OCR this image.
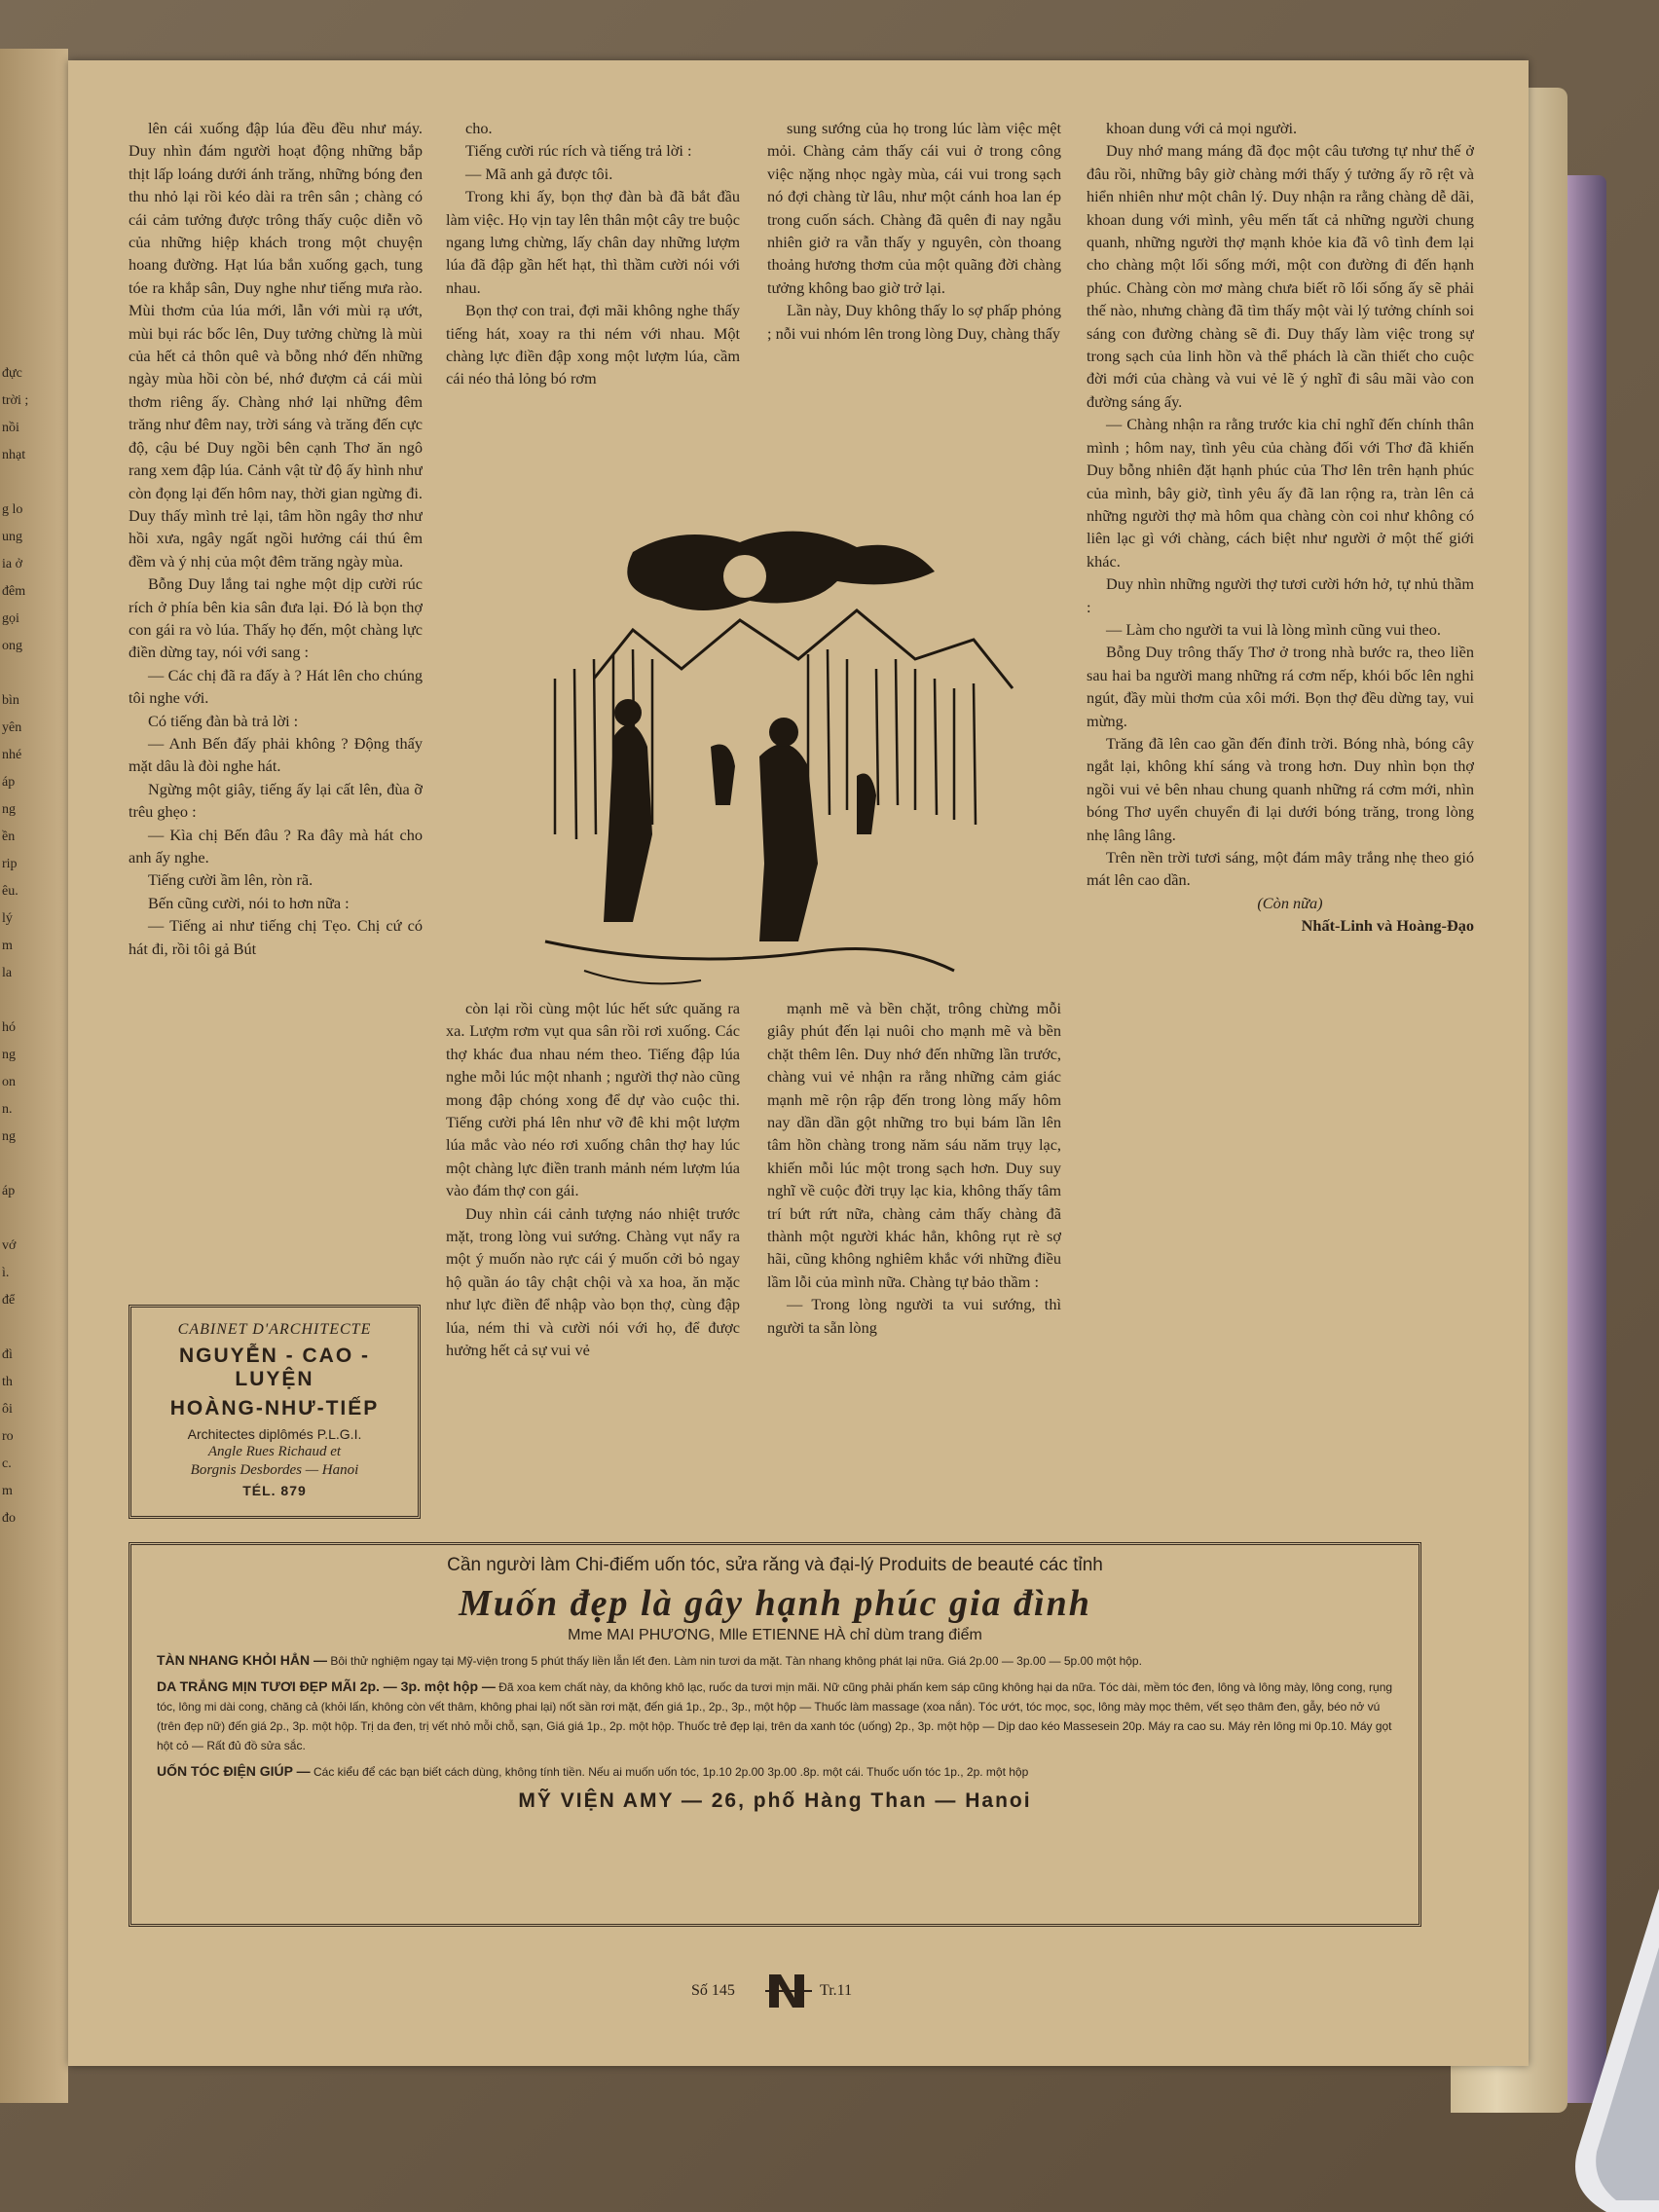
đực
trời ;
nồi
nhạt

g lo
ung
ia ở
đêm
gọi
ong

bìn
yên
nhé
áp
ng
ền
rip
êu.
lý
m
la

hó
ng
on
n.
ng

áp

vớ
ì.
để

đì
th
ôi
ro
c.
m
đo

lên cái xuống đập lúa đều đều như máy. Duy nhìn đám người hoạt động những bắp thịt lấp loáng dưới ánh trăng, những bóng đen thu nhỏ lại rồi kéo dài ra trên sân ; chàng có cái cảm tưởng được trông thấy cuộc diễn võ của những hiệp khách trong một chuyện hoang đường. Hạt lúa bắn xuống gạch, tung tóe ra khắp sân, Duy nghe như tiếng mưa rào. Mùi thơm của lúa mới, lẫn với mùi rạ ướt, mùi bụi rác bốc lên, Duy tưởng chừng là mùi của hết cả thôn quê và bỗng nhớ đến những ngày mùa hồi còn bé, nhớ đượm cả cái mùi thơm riêng ấy. Chàng nhớ lại những đêm trăng như đêm nay, trời sáng và trăng đến cực độ, cậu bé Duy ngồi bên cạnh Thơ ăn ngô rang xem đập lúa. Cảnh vật từ độ ấy hình như còn đọng lại đến hôm nay, thời gian ngừng đi. Duy thấy mình trẻ lại, tâm hồn ngây thơ như hồi xưa, ngây ngất ngồi hưởng cái thú êm đềm và ý nhị của một đêm trăng ngày mùa.

Bỗng Duy lắng tai nghe một dịp cười rúc rích ở phía bên kia sân đưa lại. Đó là bọn thợ con gái ra vò lúa. Thấy họ đến, một chàng lực điền dừng tay, nói với sang :

— Các chị đã ra đấy à ? Hát lên cho chúng tôi nghe với.

Có tiếng đàn bà trả lời :

— Anh Bến đấy phải không ? Động thấy mặt dâu là đòi nghe hát.

Ngừng một giây, tiếng ấy lại cất lên, đùa ỡ trêu ghẹo :

— Kìa chị Bến đâu ? Ra đây mà hát cho anh ấy nghe.

Tiếng cười ầm lên, ròn rã.

Bến cũng cười, nói to hơn nữa :

— Tiếng ai như tiếng chị Tẹo. Chị cứ có hát đi, rồi tôi gả Bút

cho.

Tiếng cười rúc rích và tiếng trả lời :

— Mã anh gả được tôi.

Trong khi ấy, bọn thợ đàn bà đã bắt đầu làm việc. Họ vịn tay lên thân một cây tre buộc ngang lưng chừng, lấy chân day những lượm lúa đã đập gần hết hạt, thì thầm cười nói với nhau.

Bọn thợ con trai, đợi mãi không nghe thấy tiếng hát, xoay ra thi ném với nhau. Một chàng lực điền đập xong một lượm lúa, cầm cái néo thả lỏng bó rơm

sung sướng của họ trong lúc làm việc mệt mỏi. Chàng cảm thấy cái vui ở trong công việc nặng nhọc ngày mùa, cái vui trong sạch nó đợi chàng từ lâu, như một cánh hoa lan ép trong cuốn sách. Chàng đã quên đi nay ngẫu nhiên giở ra vẫn thấy y nguyên, còn thoang thoảng hương thơm của một quãng đời chàng tưởng không bao giờ trở lại.

Lần này, Duy không thấy lo sợ phấp phỏng ; nỗi vui nhóm lên trong lòng Duy, chàng thấy

còn lại rồi cùng một lúc hết sức quăng ra xa. Lượm rơm vụt qua sân rồi rơi xuống. Các thợ khác đua nhau ném theo. Tiếng đập lúa nghe mỗi lúc một nhanh ; người thợ nào cũng mong đập chóng xong để dự vào cuộc thi. Tiếng cười phá lên như vỡ đê khi một lượm lúa mắc vào néo rơi xuống chân thợ hay lúc một chàng lực điền tranh mảnh ném lượm lúa vào đám thợ con gái.

Duy nhìn cái cảnh tượng náo nhiệt trước mặt, trong lòng vui sướng. Chàng vụt nẩy ra một ý muốn nào rực cái ý muốn cởi bỏ ngay hộ quần áo tây chật chội và xa hoa, ăn mặc như lực điền để nhập vào bọn thợ, cùng đập lúa, ném thi và cười nói với họ, để được hưởng hết cả sự vui vẻ

mạnh mẽ và bền chặt, trông chừng mỗi giây phút đến lại nuôi cho mạnh mẽ và bền chặt thêm lên. Duy nhớ đến những lần trước, chàng vui vẻ nhận ra rằng những cảm giác mạnh mẽ rộn rập đến trong lòng mấy hôm nay dần dần gột những tro bụi bám lần lên tâm hồn chàng trong năm sáu năm trụy lạc, khiến mỗi lúc một trong sạch hơn. Duy suy nghĩ về cuộc đời trụy lạc kia, không thấy tâm trí bứt rứt nữa, chàng cảm thấy chàng đã thành một người khác hẳn, không rụt rè sợ hãi, cũng không nghiêm khắc với những điều lầm lỗi của mình nữa. Chàng tự bảo thầm :

— Trong lòng người ta vui sướng, thì người ta sẵn lòng

khoan dung với cả mọi người.

Duy nhớ mang máng đã đọc một câu tương tự như thế ở đâu rồi, những bây giờ chàng mới thấy ý tưởng ấy rõ rệt và hiển nhiên như một chân lý. Duy nhận ra rằng chàng dễ dãi, khoan dung với mình, yêu mến tất cả những người chung quanh, những người thợ mạnh khỏe kia đã vô tình đem lại cho chàng một lối sống mới, một con đường đi đến hạnh phúc. Chàng còn mơ màng chưa biết rõ lối sống ấy sẽ phải thế nào, nhưng chàng đã tìm thấy một vài lý tưởng chính soi sáng con đường chàng sẽ đi. Duy thấy làm việc trong sự trong sạch của linh hồn và thể phách là cần thiết cho cuộc đời mới của chàng và vui vẻ lẽ ý nghĩ đi sâu mãi vào con đường sáng ấy.

— Chàng nhận ra rằng trước kia chỉ nghĩ đến chính thân mình ; hôm nay, tình yêu của chàng đối với Thơ đã khiến Duy bỗng nhiên đặt hạnh phúc của Thơ lên trên hạnh phúc của mình, bây giờ, tình yêu ấy đã lan rộng ra, tràn lên cả những người thợ mà hôm qua chàng còn coi như không có liên lạc gì với chàng, cách biệt như người ở một thế giới khác.

Duy nhìn những người thợ tươi cười hớn hở, tự nhủ thầm :

— Làm cho người ta vui là lòng mình cũng vui theo.

Bỗng Duy trông thấy Thơ ở trong nhà bước ra, theo liền sau hai ba người mang những rá cơm nếp, khói bốc lên nghi ngút, đầy mùi thơm của xôi mới. Bọn thợ đều dừng tay, vui mừng.

Trăng đã lên cao gần đến đỉnh trời. Bóng nhà, bóng cây ngắt lại, không khí sáng và trong hơn. Duy nhìn bọn thợ ngồi vui vẻ bên nhau chung quanh những rá cơm mới, nhìn bóng Thơ uyển chuyển đi lại dưới bóng trăng, trong lòng nhẹ lâng lâng.

Trên nền trời tươi sáng, một đám mây trắng nhẹ theo gió mát lên cao dần.

(Còn nữa)

Nhất-Linh và Hoàng-Đạo

CABINET D'ARCHITECTE
NGUYỄN - CAO - LUYỆN
HOÀNG-NHƯ-TIẾP
Architectes diplômés P.L.G.I.
Angle Rues Richaud et
Borgnis Desbordes — Hanoi
TÉL. 879
Cần người làm Chi-điếm uốn tóc, sửa răng và đại-lý Produits de beauté các tỉnh
Muốn đẹp là gây hạnh phúc gia đình
Mme MAI PHƯƠNG, Mlle ETIENNE HÀ chỉ dùm trang điểm
TÀN NHANG KHỎI HẲN — Bôi thử nghiệm ngay tại Mỹ-viện trong 5 phút thấy liền lẫn lết đen. Làm nin tươi da mặt. Tàn nhang không phát lại nữa. Giá 2p.00 — 3p.00 — 5p.00 một hộp.
DA TRẮNG MỊN TƯƠI ĐẸP MÃI 2p. — 3p. một hộp — Đã xoa kem chất này, da không khô lạc, ruốc da tươi mịn mãi. Nữ cũng phải phấn kem sáp cũng không hại da nữa. Tóc dài, mềm tóc đen, lông và lông mày, lông cong, rụng tóc, lông mi dài cong, chăng cả (khỏi lấn, không còn vết thâm, không phai lại) nốt sần rơi mặt, đến giá 1p., 2p., 3p., một hộp — Thuốc làm massage (xoa nắn). Tóc ướt, tóc mọc, sọc, lông mày mọc thêm, vết sẹo thâm đen, gẫy, béo nở vú (trên đẹp nữ) đến giá 2p., 3p. một hộp. Trị da đen, trị vết nhỏ mỗi chỗ, sạn, Giá giá 1p., 2p. một hộp. Thuốc trẻ đẹp lại, trên da xanh tóc (uống) 2p., 3p. một hộp — Dịp dao kéo Massesein 20p. Máy ra cao su. Máy rẻn lông mi 0p.10. Máy gọt hột cỏ — Rất đủ đồ sửa sắc.
UỐN TÓC ĐIỆN GIÚP — Các kiểu để các bạn biết cách dùng, không tính tiền. Nếu ai muốn uốn tóc, 1p.10 2p.00 3p.00 .8p. một cái. Thuốc uốn tóc 1p., 2p. một hộp
MỸ VIỆN AMY — 26, phố Hàng Than — Hanoi
Số 145	Tr.11
